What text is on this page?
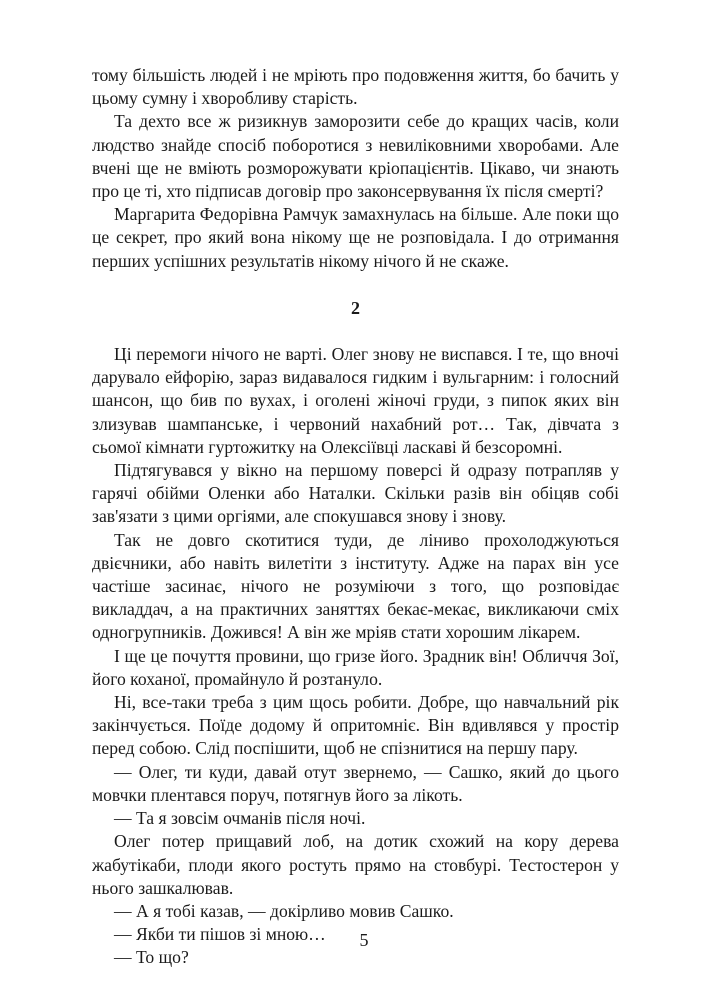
тому більшість людей і не мріють про подовження життя, бо бачить у цьому сумну і хворобливу старість.

Та дехто все ж ризикнув заморозити себе до кращих часів, коли людство знайде спосіб поборотися з невиліковними хворобами. Але вчені ще не вміють розморожувати кріопацієнтів. Цікаво, чи знають про це ті, хто підписав договір про законсервування їх після смерті?

Маргарита Федорівна Рамчук замахнулась на більше. Але поки що це секрет, про який вона нікому ще не розповідала. І до отримання перших успішних результатів нікому нічого й не скаже.

2

Ці перемоги нічого не варті. Олег знову не виспався. І те, що вночі дарувало ейфорію, зараз видавалося гидким і вульгарним: і голосний шансон, що бив по вухах, і оголені жіночі груди, з пипок яких він злизував шампанське, і червоний нахабний рот… Так, дівчата з сьомої кімнати гуртожитку на Олексіївці ласкаві й безсоромні.

Підтягувався у вікно на першому поверсі й одразу потрапляв у гарячі обійми Оленки або Наталки. Скільки разів він обіцяв собі зав'язати з цими оргіями, але спокушався знову і знову.

Так не довго скотитися туди, де ліниво прохолоджуються двієчники, або навіть вилетіти з інституту. Адже на парах він усе частіше засинає, нічого не розуміючи з того, що розповідає викладдач, а на практичних заняттях бекає-мекає, викликаючи сміх одногрупників. Дожився! А він же мріяв стати хорошим лікарем.

І ще це почуття провини, що гризе його. Зрадник він! Обличчя Зої, його коханої, промайнуло й розтануло.

Ні, все-таки треба з цим щось робити. Добре, що навчальний рік закінчується. Поїде додому й опритомніє. Він вдивлявся у простір перед собою. Слід поспішити, щоб не спізнитися на першу пару.

— Олег, ти куди, давай отут звернемо, — Сашко, який до цього мовчки плентався поруч, потягнув його за лікоть.

— Та я зовсім очманів після ночі.

Олег потер прищавий лоб, на дотик схожий на кору дерева жабутікаби, плоди якого ростуть прямо на стовбурі. Тестостерон у нього зашкалював.

— А я тобі казав, — докірливо мовив Сашко.

— Якби ти пішов зі мною…

— То що?

5
